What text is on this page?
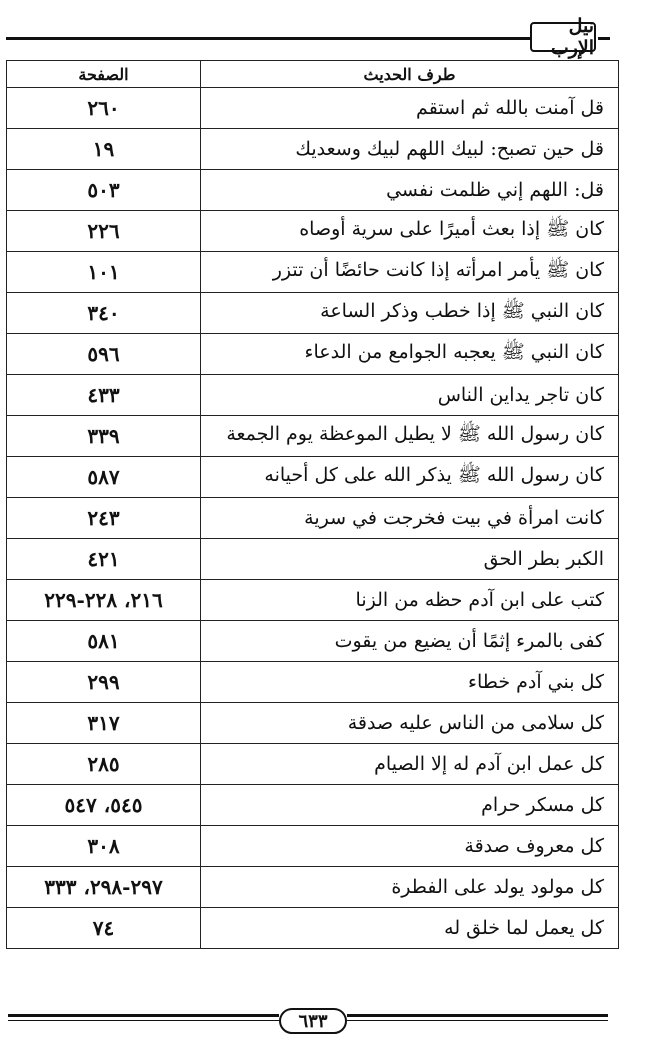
نيل الإرب
طرف الحديث	الصفحة
قل آمنت بالله ثم استقم	٢٦٠
قل حين تصبح: لبيك اللهم لبيك وسعديك	١٩
قل: اللهم إني ظلمت نفسي	٥٠٣
كان ﷺ إذا بعث أميرًا على سرية أوصاه	٢٢٦
كان ﷺ يأمر امرأته إذا كانت حائضًا أن تتزر	١٠١
كان النبي ﷺ إذا خطب وذكر الساعة	٣٤٠
كان النبي ﷺ يعجبه الجوامع من الدعاء	٥٩٦
كان تاجر يداين الناس	٤٣٣
كان رسول الله ﷺ لا يطيل الموعظة يوم الجمعة	٣٣٩
كان رسول الله ﷺ يذكر الله على كل أحيانه	٥٨٧
كانت امرأة في بيت فخرجت في سرية	٢٤٣
الكبر بطر الحق	٤٢١
كتب على ابن آدم حظه من الزنا	٢١٦، ٢٢٨-٢٢٩
كفى بالمرء إثمًا أن يضيع من يقوت	٥٨١
كل بني آدم خطاء	٢٩٩
كل سلامى من الناس عليه صدقة	٣١٧
كل عمل ابن آدم له إلا الصيام	٢٨٥
كل مسكر حرام	٥٤٥، ٥٤٧
كل معروف صدقة	٣٠٨
كل مولود يولد على الفطرة	٢٩٧-٢٩٨، ٣٣٣
كل يعمل لما خلق له	٧٤
٦٣٣
